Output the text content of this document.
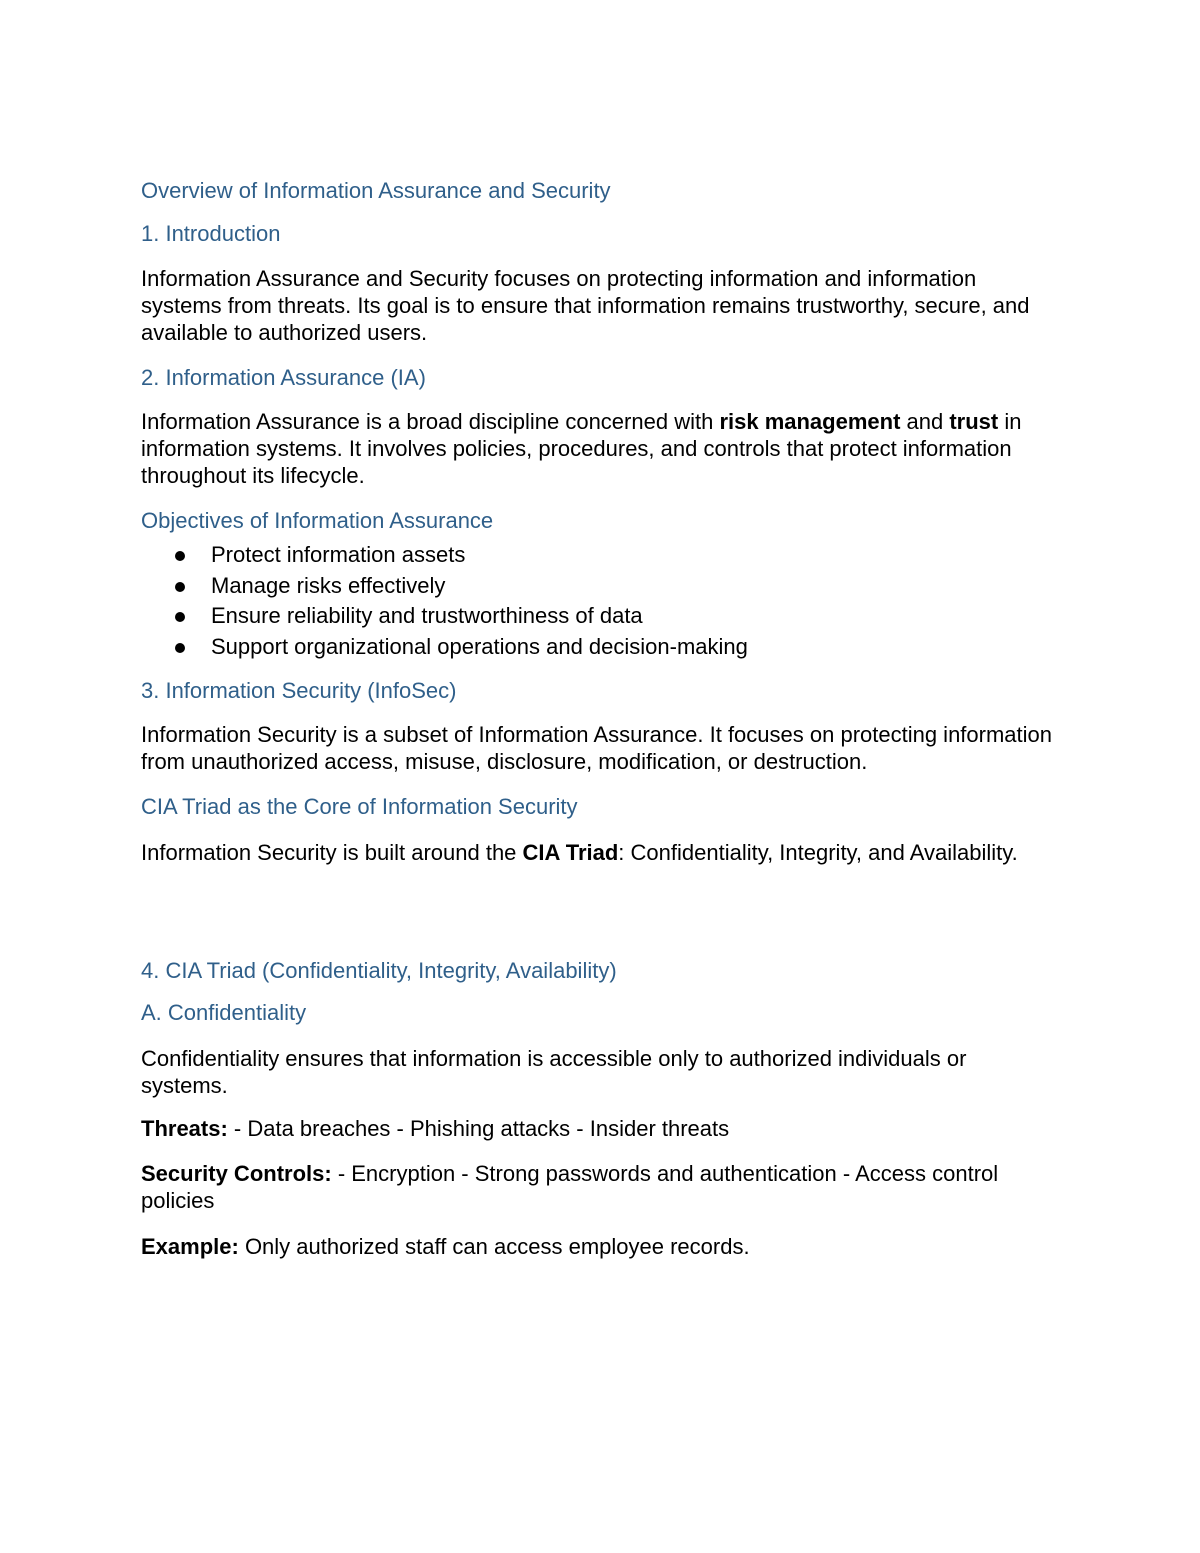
Overview of Information Assurance and Security
1. Introduction

Information Assurance and Security focuses on protecting information and information systems from threats. Its goal is to ensure that information remains trustworthy, secure, and available to authorized users.

2. Information Assurance (IA)

Information Assurance is a broad discipline concerned with risk management and trust in information systems. It involves policies, procedures, and controls that protect information throughout its lifecycle.

Objectives of Information Assurance
Protect information assets
Manage risks effectively
Ensure reliability and trustworthiness of data
Support organizational operations and decision-making
3. Information Security (InfoSec)

Information Security is a subset of Information Assurance. It focuses on protecting information from unauthorized access, misuse, disclosure, modification, or destruction.

CIA Triad as the Core of Information Security

Information Security is built around the CIA Triad: Confidentiality, Integrity, and Availability.

4. CIA Triad (Confidentiality, Integrity, Availability)
A. Confidentiality

Confidentiality ensures that information is accessible only to authorized individuals or systems.

Threats: - Data breaches - Phishing attacks - Insider threats

Security Controls: - Encryption - Strong passwords and authentication - Access control policies

Example: Only authorized staff can access employee records.
